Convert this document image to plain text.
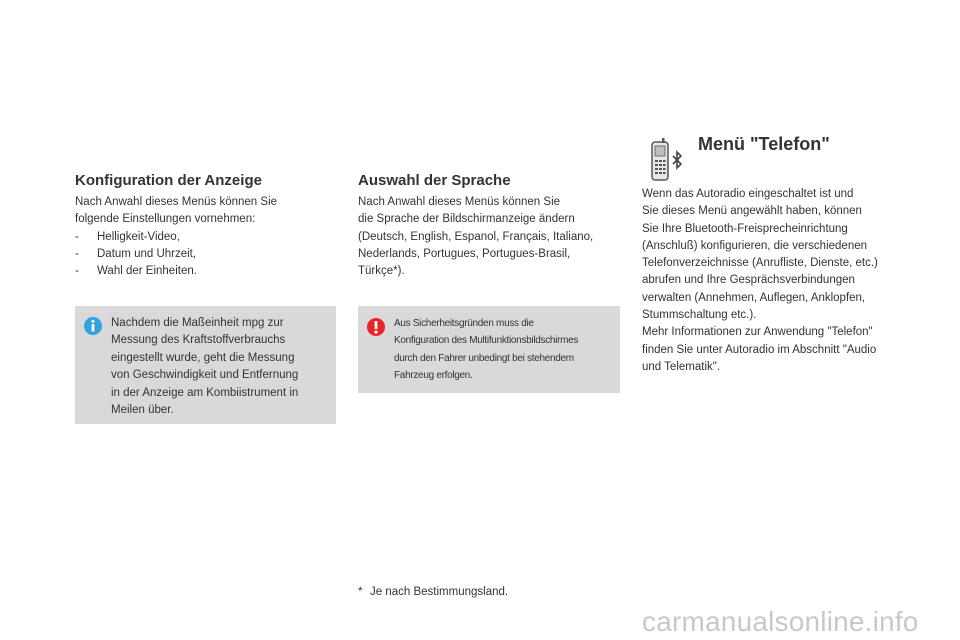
Konfiguration der Anzeige

Nach Anwahl dieses Menüs können Sie

folgende Einstellungen vornehmen:

-	Helligkeit-Video,
-	Datum und Uhrzeit,
-	Wahl der Einheiten.
Nachdem die Maßeinheit mpg zur
Messung des Kraftstoffverbrauchs
eingestellt wurde, geht die Messung
von Geschwindigkeit und Entfernung
in der Anzeige am Kombiistrument in
Meilen über.
Auswahl der Sprache

Nach Anwahl dieses Menüs können Sie

die Sprache der Bildschirmanzeige ändern

(Deutsch, English, Espanol, Français, Italiano,

Nederlands, Portugues, Portugues-Brasil,

Türkçe*).

Aus Sicherheitsgründen muss die
Konfiguration des Multifunktionsbildschirmes
durch den Fahrer unbedingt bei stehendem
Fahrzeug erfolgen.
Menü "Telefon"

Wenn das Autoradio eingeschaltet ist und

Sie dieses Menü angewählt haben, können

Sie Ihre Bluetooth-Freisprecheinrichtung

(Anschluß) konfigurieren, die verschiedenen

Telefonverzeichnisse (Anrufliste, Dienste, etc.)

abrufen und Ihre Gesprächsverbindungen

verwalten (Annehmen, Auflegen, Anklopfen,

Stummschaltung etc.).

Mehr Informationen zur Anwendung "Telefon"

finden Sie unter Autoradio im Abschnitt "Audio

und Telematik".

* Je nach Bestimmungsland.
carmanualsonline.info
